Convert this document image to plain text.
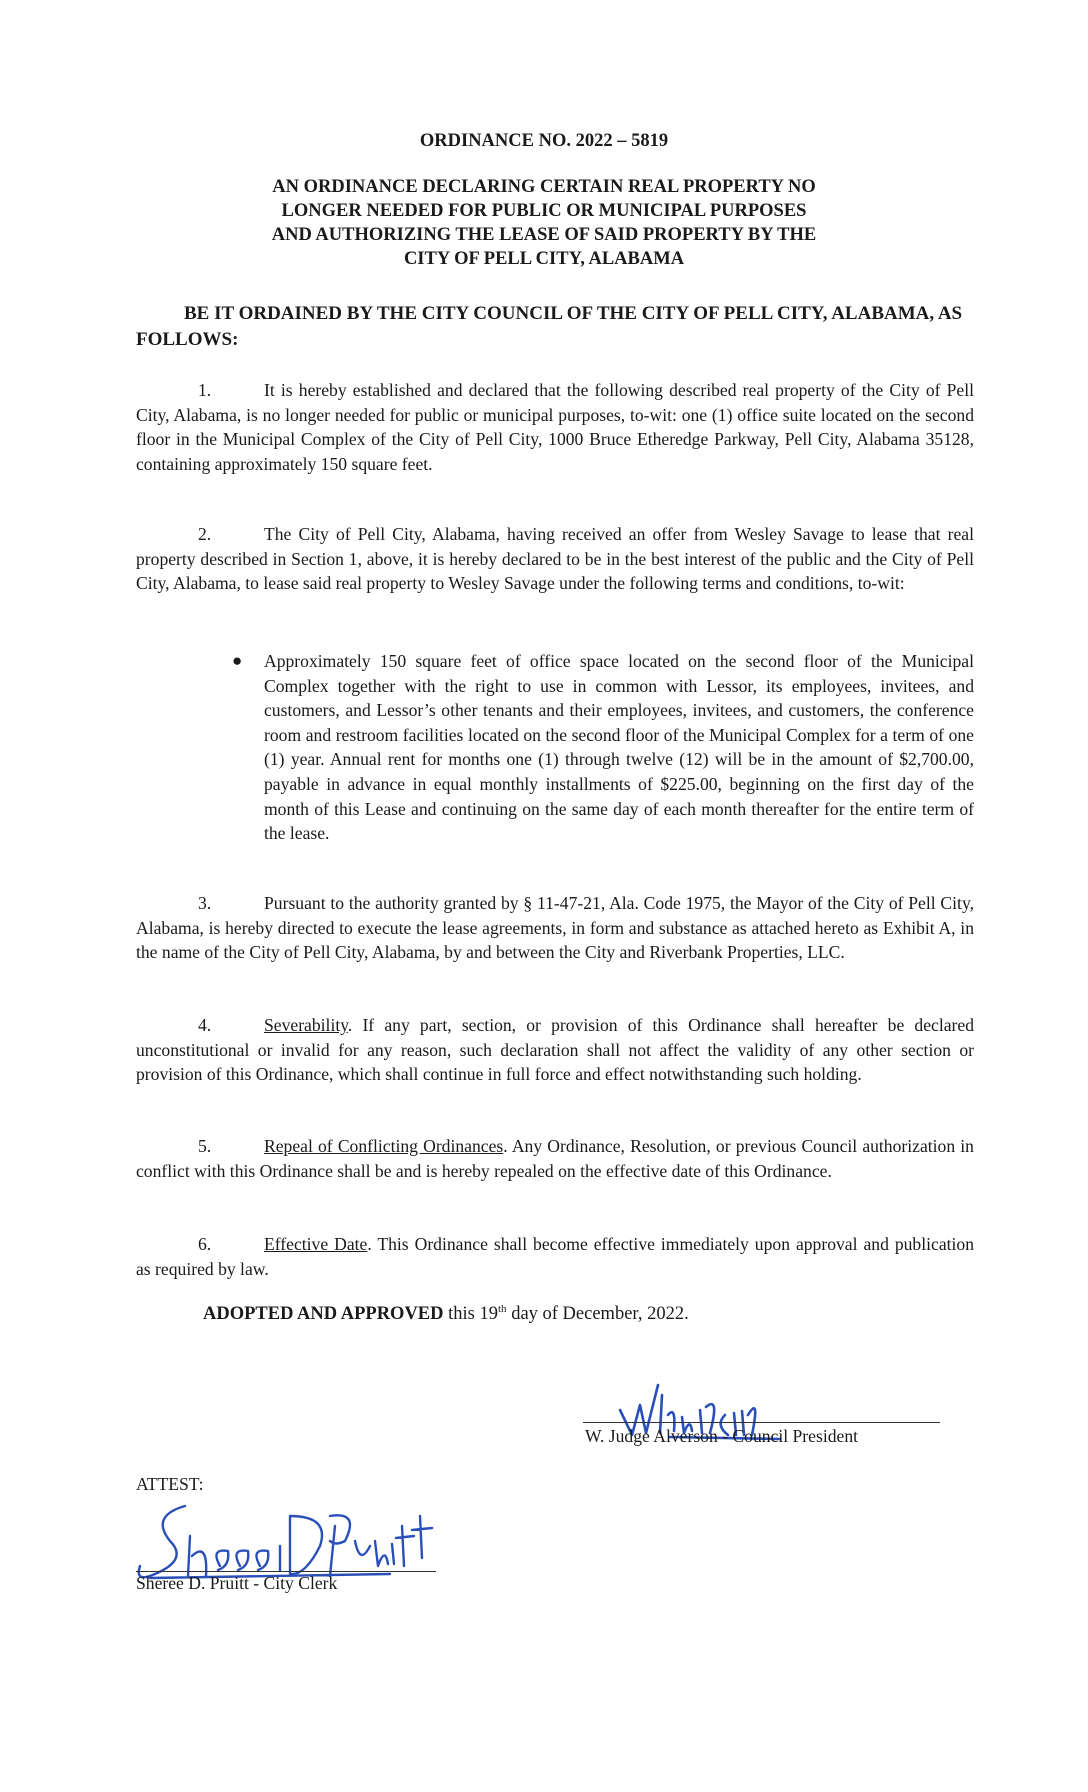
ORDINANCE NO. 2022 – 5819
AN ORDINANCE DECLARING CERTAIN REAL PROPERTY NO
LONGER NEEDED FOR PUBLIC OR MUNICIPAL PURPOSES
AND AUTHORIZING THE LEASE OF SAID PROPERTY BY THE
CITY OF PELL CITY, ALABAMA
BE IT ORDAINED BY THE CITY COUNCIL OF THE CITY OF PELL CITY, ALABAMA, AS FOLLOWS:
1.	It is hereby established and declared that the following described real property of the City of Pell City, Alabama, is no longer needed for public or municipal purposes, to-wit: one (1) office suite located on the second floor in the Municipal Complex of the City of Pell City, 1000 Bruce Etheredge Parkway, Pell City, Alabama 35128, containing approximately 150 square feet.
2.	The City of Pell City, Alabama, having received an offer from Wesley Savage to lease that real property described in Section 1, above, it is hereby declared to be in the best interest of the public and the City of Pell City, Alabama, to lease said real property to Wesley Savage under the following terms and conditions, to-wit:
● Approximately 150 square feet of office space located on the second floor of the Municipal Complex together with the right to use in common with Lessor, its employees, invitees, and customers, and Lessor’s other tenants and their employees, invitees, and customers, the conference room and restroom facilities located on the second floor of the Municipal Complex for a term of one (1) year. Annual rent for months one (1) through twelve (12) will be in the amount of $2,700.00, payable in advance in equal monthly installments of $225.00, beginning on the first day of the month of this Lease and continuing on the same day of each month thereafter for the entire term of the lease.
3.	Pursuant to the authority granted by § 11-47-21, Ala. Code 1975, the Mayor of the City of Pell City, Alabama, is hereby directed to execute the lease agreements, in form and substance as attached hereto as Exhibit A, in the name of the City of Pell City, Alabama, by and between the City and Riverbank Properties, LLC.
4.	Severability. If any part, section, or provision of this Ordinance shall hereafter be declared unconstitutional or invalid for any reason, such declaration shall not affect the validity of any other section or provision of this Ordinance, which shall continue in full force and effect notwithstanding such holding.
5.	Repeal of Conflicting Ordinances. Any Ordinance, Resolution, or previous Council authorization in conflict with this Ordinance shall be and is hereby repealed on the effective date of this Ordinance.
6.	Effective Date. This Ordinance shall become effective immediately upon approval and publication as required by law.
ADOPTED AND APPROVED this 19th day of December, 2022.
W. Judge Alverson - Council President
ATTEST:
Sheree D. Pruitt - City Clerk
